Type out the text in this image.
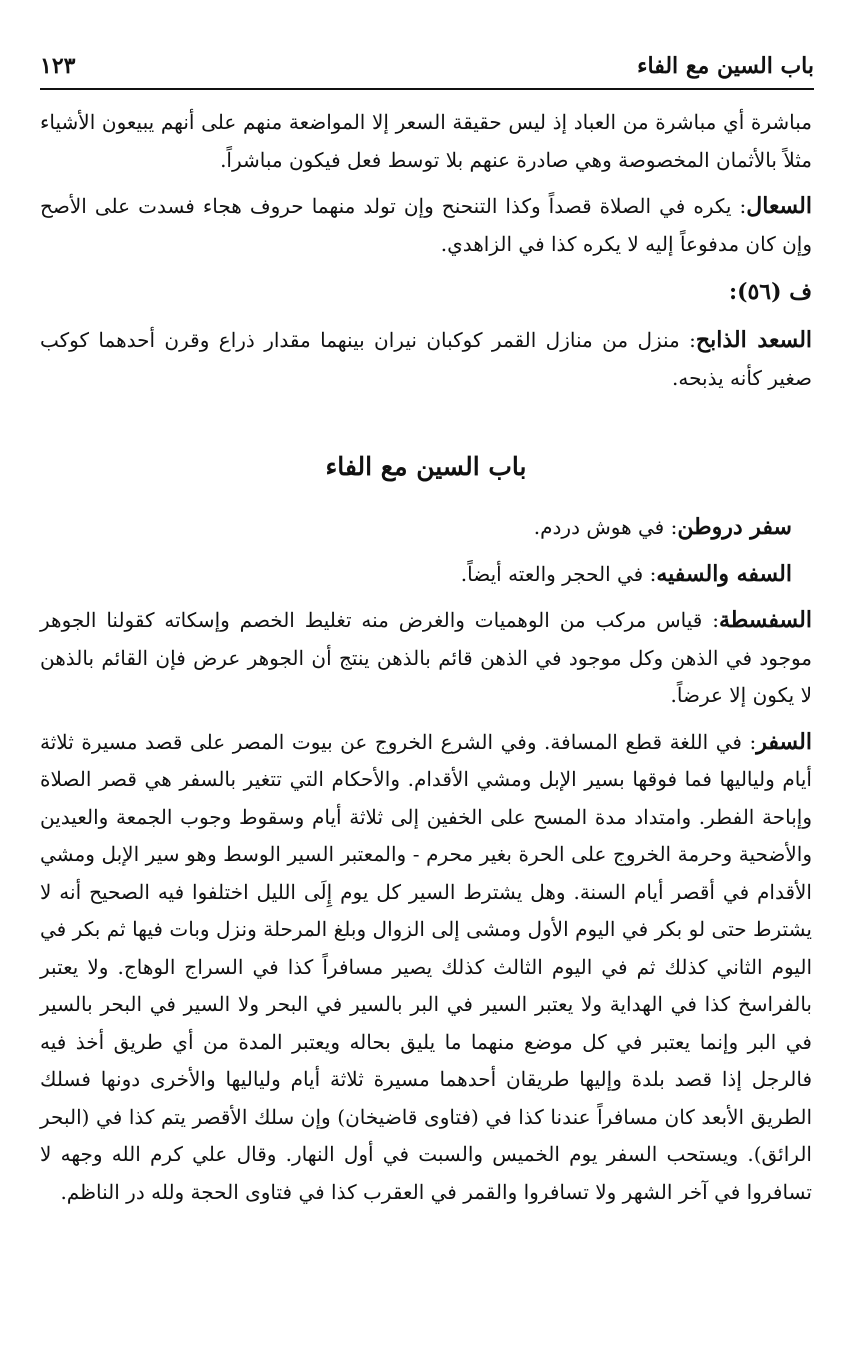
باب السين مع الفاء
١٢٣

مباشرة أي مباشرة من العباد إذ ليس حقيقة السعر إلا المواضعة منهم على أنهم يبيعون الأشياء مثلاً بالأثمان المخصوصة وهي صادرة عنهم بلا توسط فعل فيكون مباشراً.

السعال: يكره في الصلاة قصداً وكذا التنحنح وإن تولد منهما حروف هجاء فسدت على الأصح وإن كان مدفوعاً إليه لا يكره كذا في الزاهدي.

ف (٥٦):

السعد الذابح: منزل من منازل القمر كوكبان نيران بينهما مقدار ذراع وقرن أحدهما كوكب صغير كأنه يذبحه.

باب السين مع الفاء
سفر دروطن: في هوش دردم.
السفه والسفيه: في الحجر والعته أيضاً.

السفسطة: قياس مركب من الوهميات والغرض منه تغليط الخصم وإسكاته كقولنا الجوهر موجود في الذهن وكل موجود في الذهن قائم بالذهن ينتج أن الجوهر عرض فإن القائم بالذهن لا يكون إلا عرضاً.

السفر: في اللغة قطع المسافة. وفي الشرع الخروج عن بيوت المصر على قصد مسيرة ثلاثة أيام ولياليها فما فوقها بسير الإبل ومشي الأقدام. والأحكام التي تتغير بالسفر هي قصر الصلاة وإباحة الفطر. وامتداد مدة المسح على الخفين إلى ثلاثة أيام وسقوط وجوب الجمعة والعيدين والأضحية وحرمة الخروج على الحرة بغير محرم - والمعتبر السير الوسط وهو سير الإبل ومشي الأقدام في أقصر أيام السنة. وهل يشترط السير كل يوم إِلَى الليل اختلفوا فيه الصحيح أنه لا يشترط حتى لو بكر في اليوم الأول ومشى إلى الزوال وبلغ المرحلة ونزل وبات فيها ثم بكر في اليوم الثاني كذلك ثم في اليوم الثالث كذلك يصير مسافراً كذا في السراج الوهاج. ولا يعتبر بالفراسخ كذا في الهداية ولا يعتبر السير في البر بالسير في البحر ولا السير في البحر بالسير في البر وإنما يعتبر في كل موضع منهما ما يليق بحاله ويعتبر المدة من أي طريق أخذ فيه فالرجل إذا قصد بلدة وإليها طريقان أحدهما مسيرة ثلاثة أيام ولياليها والأخرى دونها فسلك الطريق الأبعد كان مسافراً عندنا كذا في (فتاوى قاضيخان) وإن سلك الأقصر يتم كذا في (البحر الرائق). ويستحب السفر يوم الخميس والسبت في أول النهار. وقال علي كرم الله وجهه لا تسافروا في آخر الشهر ولا تسافروا والقمر في العقرب كذا في فتاوى الحجة ولله در الناظم.
